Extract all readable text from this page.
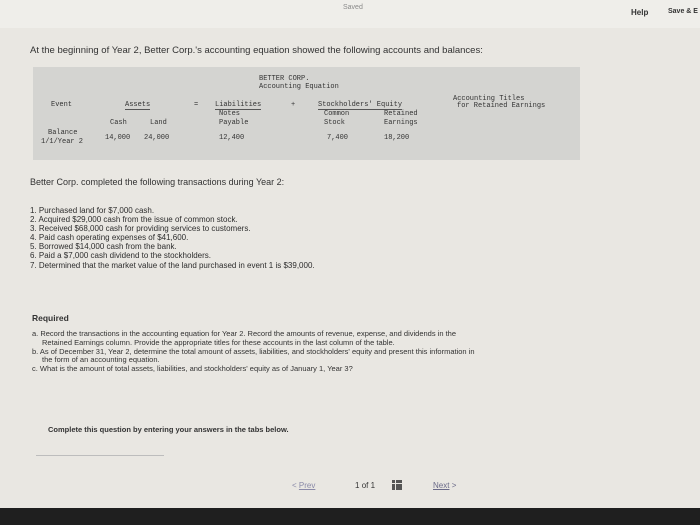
Saved
Help	Save & E
At the beginning of Year 2, Better Corp.'s accounting equation showed the following accounts and balances:
BETTER CORP.
Accounting Equation
Accounting Titles
for Retained Earnings
Event	Assets	= Liabilities	+	Stockholders' Equity
Notes	Common	Retained
Cash	Land	Payable	Stock	Earnings
Balance
1/1/Year 2	14,000 24,000	12,400	7,400	18,200
Better Corp. completed the following transactions during Year 2:
1. Purchased land for $7,000 cash.
2. Acquired $29,000 cash from the issue of common stock.
3. Received $68,000 cash for providing services to customers.
4. Paid cash operating expenses of $41,600.
5. Borrowed $14,000 cash from the bank.
6. Paid a $7,000 cash dividend to the stockholders.
7. Determined that the market value of the land purchased in event 1 is $39,000.
Required
a. Record the transactions in the accounting equation for Year 2. Record the amounts of revenue, expense, and dividends in the
Retained Earnings column. Provide the appropriate titles for these accounts in the last column of the table.
b. As of December 31, Year 2, determine the total amount of assets, liabilities, and stockholders' equity and present this information in
the form of an accounting equation.
c. What is the amount of total assets, liabilities, and stockholders' equity as of January 1, Year 3?
Complete this question by entering your answers in the tabs below.
< Prev	1 of 1	Next >
